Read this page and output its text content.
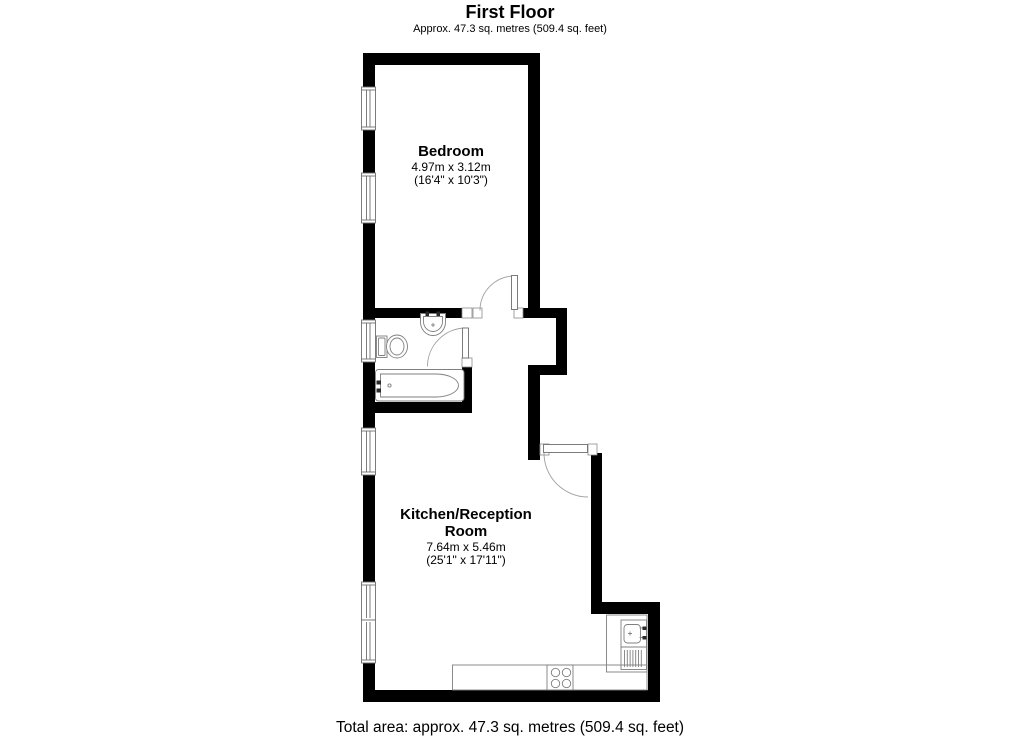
First Floor
Approx. 47.3 sq. metres (509.4 sq. feet)
Bedroom
4.97m x 3.12m
(16'4" x 10'3")
Kitchen/Reception Room
7.64m x 5.46m
(25'1" x 17'11")
Total area: approx. 47.3 sq. metres (509.4 sq. feet)
